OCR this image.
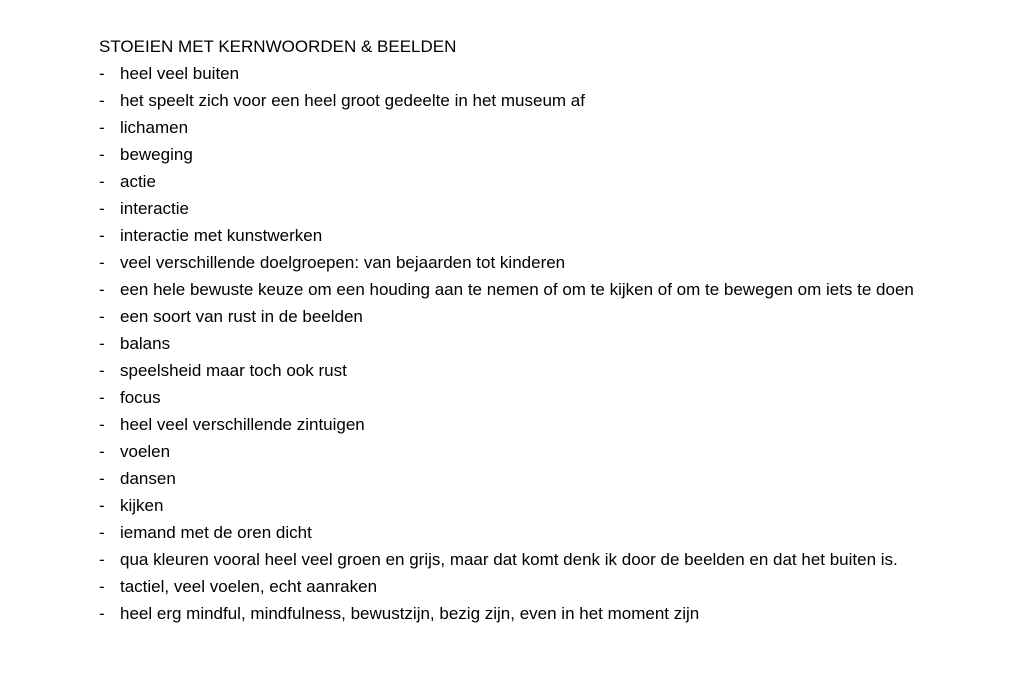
STOEIEN MET KERNWOORDEN & BEELDEN
- heel veel buiten
- het speelt zich voor een heel groot gedeelte in het museum af
- lichamen
- beweging
- actie
- interactie
- interactie met kunstwerken
- veel verschillende doelgroepen: van bejaarden tot kinderen
- een hele bewuste keuze om een houding aan te nemen of om te kijken of om te bewegen om iets te doen
- een soort van rust in de beelden
- balans
- speelsheid maar toch ook rust
- focus
- heel veel verschillende zintuigen
- voelen
- dansen
- kijken
- iemand met de oren dicht
- qua kleuren vooral heel veel groen en grijs, maar dat komt denk ik door de beelden en dat het buiten is.
- tactiel, veel voelen, echt aanraken
- heel erg mindful, mindfulness, bewustzijn, bezig zijn, even in het moment zijn
